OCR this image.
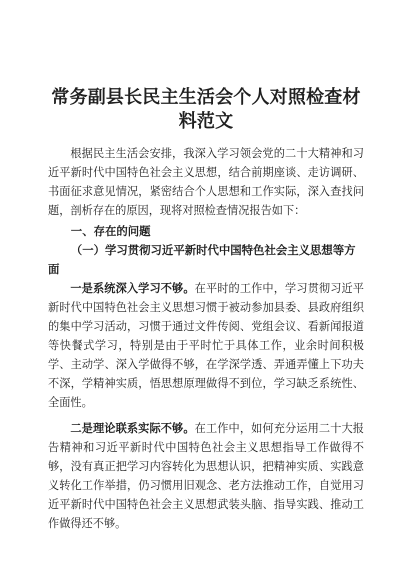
常务副县长民主生活会个人对照检查材料范文

根据民主生活会安排，我深入学习领会党的二十大精神和习近平新时代中国特色社会主义思想，结合前期座谈、走访调研、书面征求意见情况，紧密结合个人思想和工作实际，深入查找问题，剖析存在的原因，现将对照检查情况报告如下：

一、存在的问题
（一）学习贯彻习近平新时代中国特色社会主义思想等方面

一是系统深入学习不够。在平时的工作中，学习贯彻习近平新时代中国特色社会主义思想习惯于被动参加县委、县政府组织的集中学习活动，习惯于通过文件传阅、党组会议、看新闻报道等快餐式学习，特别是由于平时忙于具体工作，业余时间积极学、主动学、深入学做得不够，在学深学透、弄通弄懂上下功夫不深，学精神实质，悟思想原理做得不到位，学习缺乏系统性、全面性。

二是理论联系实际不够。在工作中，如何充分运用二十大报告精神和习近平新时代中国特色社会主义思想指导工作做得不够，没有真正把学习内容转化为思想认识，把精神实质、实践意义转化工作举措，仍习惯用旧观念、老方法推动工作，自觉用习近平新时代中国特色社会主义思想武装头脑、指导实践、推动工作做得还不够。
